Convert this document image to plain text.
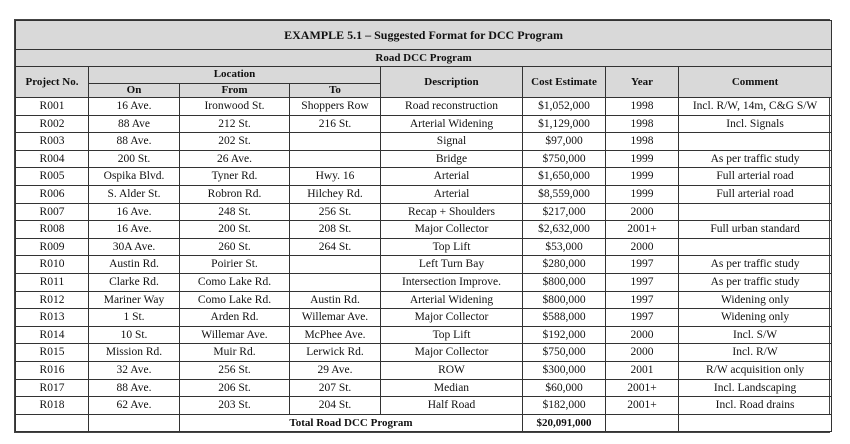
EXAMPLE 5.1 – Suggested Format for DCC Program							
Road DCC Program							
Project No.	Location			Description	Cost Estimate	Year	Comment
	On	From	To				
R001	16 Ave.	Ironwood St.	Shoppers Row	Road reconstruction	$1,052,000	1998	Incl. R/W, 14m, C&G S/W
R002	88 Ave	212 St.	216 St.	Arterial Widening	$1,129,000	1998	Incl. Signals
R003	88 Ave.	202 St.		Signal	$97,000	1998	
R004	200 St.	26 Ave.		Bridge	$750,000	1999	As per traffic study
R005	Ospika Blvd.	Tyner Rd.	Hwy. 16	Arterial	$1,650,000	1999	Full arterial road
R006	S. Alder St.	Robron Rd.	Hilchey Rd.	Arterial	$8,559,000	1999	Full arterial road
R007	16 Ave.	248 St.	256 St.	Recap + Shoulders	$217,000	2000	
R008	16 Ave.	200 St.	208 St.	Major Collector	$2,632,000	2001+	Full urban standard
R009	30A Ave.	260 St.	264 St.	Top Lift	$53,000	2000	
R010	Austin Rd.	Poirier St.		Left Turn Bay	$280,000	1997	As per traffic study
R011	Clarke Rd.	Como Lake Rd.		Intersection Improve.	$800,000	1997	As per traffic study
R012	Mariner Way	Como Lake Rd.	Austin Rd.	Arterial Widening	$800,000	1997	Widening only
R013	1 St.	Arden Rd.	Willemar Ave.	Major Collector	$588,000	1997	Widening only
R014	10 St.	Willemar Ave.	McPhee Ave.	Top Lift	$192,000	2000	Incl. S/W
R015	Mission Rd.	Muir Rd.	Lerwick Rd.	Major Collector	$750,000	2000	Incl. R/W
R016	32 Ave.	256 St.	29 Ave.	ROW	$300,000	2001	R/W acquisition only
R017	88 Ave.	206 St.	207 St.	Median	$60,000	2001+	Incl. Landscaping
R018	62 Ave.	203 St.	204 St.	Half Road	$182,000	2001+	Incl. Road drains
		Total Road DCC Program			$20,091,000		
